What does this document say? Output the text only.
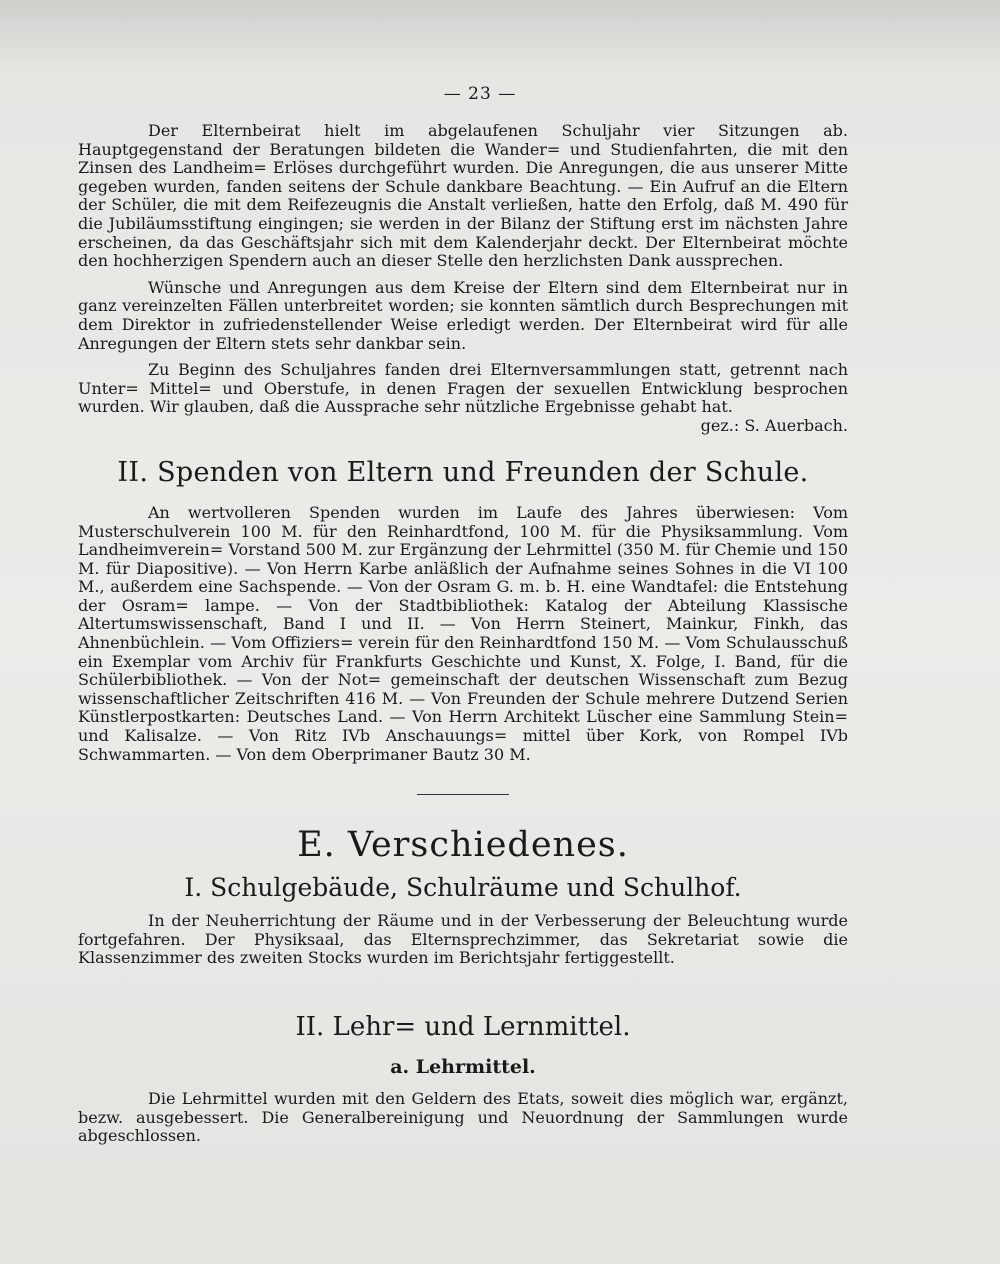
— 23 —

Der Elternbeirat hielt im abgelaufenen Schuljahr vier Sitzungen ab. Hauptgegenstand der Beratungen bildeten die Wander= und Studienfahrten, die mit den Zinsen des Landheim= Erlöses durchgeführt wurden. Die Anregungen, die aus unserer Mitte gegeben wurden, fanden seitens der Schule dankbare Beachtung. — Ein Aufruf an die Eltern der Schüler, die mit dem Reifezeugnis die Anstalt verließen, hatte den Erfolg, daß M. 490 für die Jubiläumsstiftung eingingen; sie werden in der Bilanz der Stiftung erst im nächsten Jahre erscheinen, da das Geschäftsjahr sich mit dem Kalenderjahr deckt. Der Elternbeirat möchte den hochherzigen Spendern auch an dieser Stelle den herzlichsten Dank aussprechen.

Wünsche und Anregungen aus dem Kreise der Eltern sind dem Elternbeirat nur in ganz vereinzelten Fällen unterbreitet worden; sie konnten sämtlich durch Besprechungen mit dem Direktor in zufriedenstellender Weise erledigt werden. Der Elternbeirat wird für alle Anregungen der Eltern stets sehr dankbar sein.

Zu Beginn des Schuljahres fanden drei Elternversammlungen statt, getrennt nach Unter= Mittel= und Oberstufe, in denen Fragen der sexuellen Entwicklung besprochen wurden. Wir glauben, daß die Aussprache sehr nützliche Ergebnisse gehabt hat.
gez.: S. Auerbach.

II. Spenden von Eltern und Freunden der Schule.

An wertvolleren Spenden wurden im Laufe des Jahres überwiesen: Vom Musterschulverein 100 M. für den Reinhardtfond, 100 M. für die Physiksammlung. Vom Landheimverein= Vorstand 500 M. zur Ergänzung der Lehrmittel (350 M. für Chemie und 150 M. für Diapositive). — Von Herrn Karbe anläßlich der Aufnahme seines Sohnes in die VI 100 M., außerdem eine Sachspende. — Von der Osram G. m. b. H. eine Wandtafel: die Entstehung der Osram= lampe. — Von der Stadtbibliothek: Katalog der Abteilung Klassische Altertumswissenschaft, Band I und II. — Von Herrn Steinert, Mainkur, Finkh, das Ahnenbüchlein. — Vom Offiziers= verein für den Reinhardtfond 150 M. — Vom Schulausschuß ein Exemplar vom Archiv für Frankfurts Geschichte und Kunst, X. Folge, I. Band, für die Schülerbibliothek. — Von der Not= gemeinschaft der deutschen Wissenschaft zum Bezug wissenschaftlicher Zeitschriften 416 M. — Von Freunden der Schule mehrere Dutzend Serien Künstlerpostkarten: Deutsches Land. — Von Herrn Architekt Lüscher eine Sammlung Stein= und Kalisalze. — Von Ritz IVb Anschauungs= mittel über Kork, von Rompel IVb Schwammarten. — Von dem Oberprimaner Bautz 30 M.

E. Verschiedenes.
I. Schulgebäude, Schulräume und Schulhof.

In der Neuherrichtung der Räume und in der Verbesserung der Beleuchtung wurde fortgefahren. Der Physiksaal, das Elternsprechzimmer, das Sekretariat sowie die Klassenzimmer des zweiten Stocks wurden im Berichtsjahr fertiggestellt.

II. Lehr= und Lernmittel.
a. Lehrmittel.

Die Lehrmittel wurden mit den Geldern des Etats, soweit dies möglich war, ergänzt, bezw. ausgebessert. Die Generalbereinigung und Neuordnung der Sammlungen wurde abgeschlossen.
